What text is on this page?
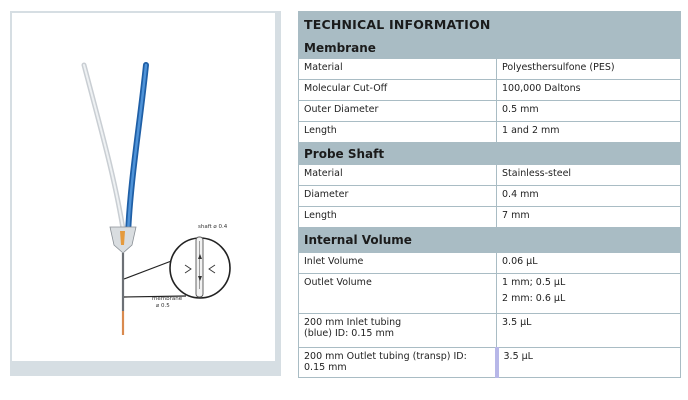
shaft ⌀ 0.4
membrane
⌀ 0.5
TECHNICAL INFORMATION	
Membrane	
Material	Polyesthersulfone (PES)
Molecular Cut-Off	100,000 Daltons
Outer Diameter	0.5 mm
Length	1 and 2 mm
Probe Shaft	
Material	Stainless-steel
Diameter	0.4 mm
Length	7 mm
Internal Volume	
Inlet Volume	0.06 µL
Outlet Volume	1 mm; 0.5 µL
2 mm: 0.6 µL

200 mm Inlet tubing
(blue) ID: 0.15 mm	3.5 µL
200 mm Outlet tubing (transp) ID:
0.15 mm	3.5 µL
